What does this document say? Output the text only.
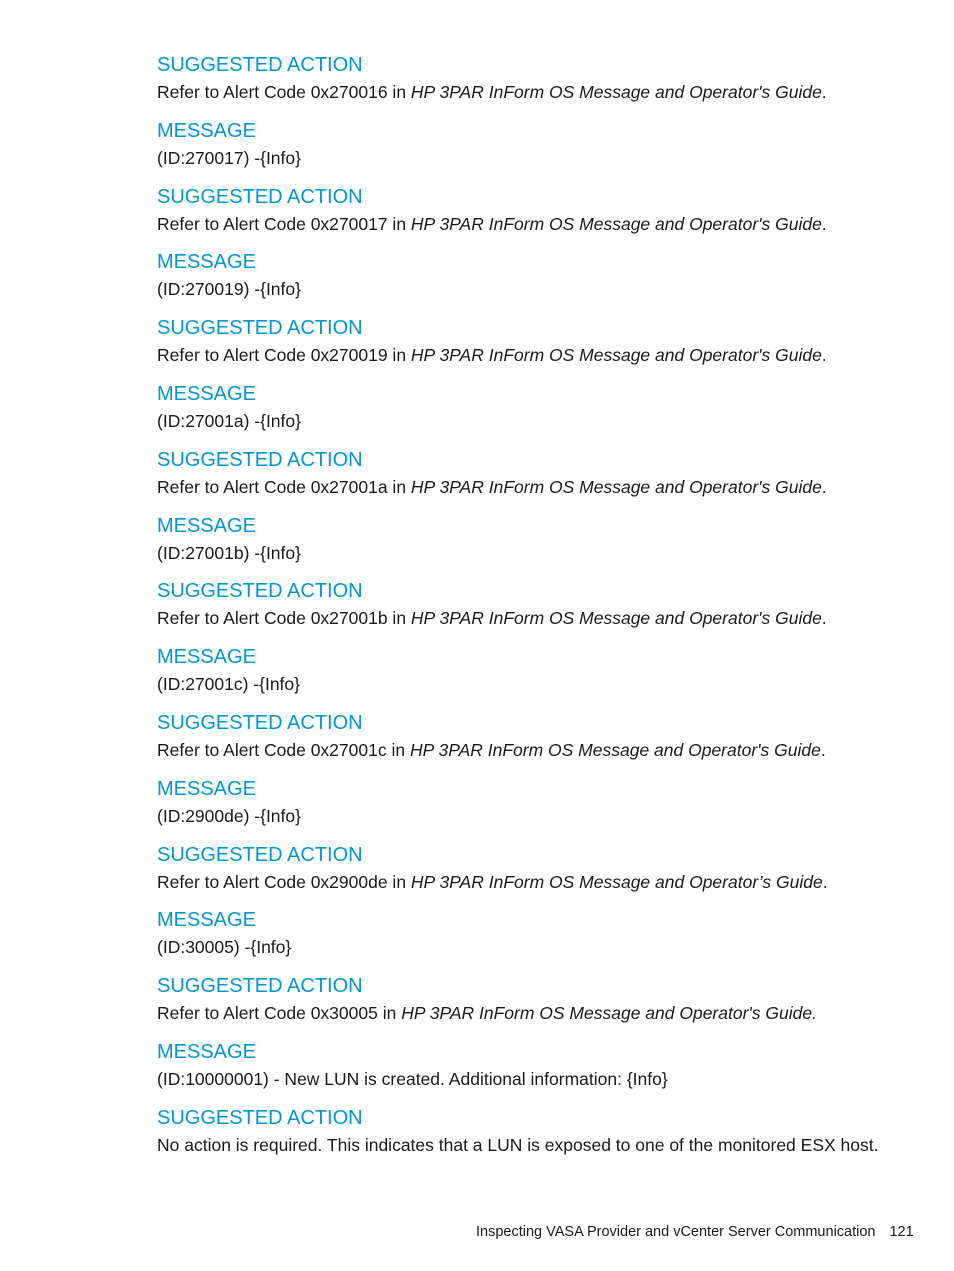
SUGGESTED ACTION
Refer to Alert Code 0x270016 in HP 3PAR InForm OS Message and Operator's Guide.
MESSAGE
(ID:270017) -{Info}
SUGGESTED ACTION
Refer to Alert Code 0x270017 in HP 3PAR InForm OS Message and Operator's Guide.
MESSAGE
(ID:270019) -{Info}
SUGGESTED ACTION
Refer to Alert Code 0x270019 in HP 3PAR InForm OS Message and Operator's Guide.
MESSAGE
(ID:27001a) -{Info}
SUGGESTED ACTION
Refer to Alert Code 0x27001a in HP 3PAR InForm OS Message and Operator's Guide.
MESSAGE
(ID:27001b) -{Info}
SUGGESTED ACTION
Refer to Alert Code 0x27001b in HP 3PAR InForm OS Message and Operator's Guide.
MESSAGE
(ID:27001c) -{Info}
SUGGESTED ACTION
Refer to Alert Code 0x27001c in HP 3PAR InForm OS Message and Operator's Guide.
MESSAGE
(ID:2900de) -{Info}
SUGGESTED ACTION
Refer to Alert Code 0x2900de in HP 3PAR InForm OS Message and Operator’s Guide.
MESSAGE
(ID:30005) -{Info}
SUGGESTED ACTION
Refer to Alert Code 0x30005 in HP 3PAR InForm OS Message and Operator's Guide.
MESSAGE
(ID:10000001) - New LUN is created. Additional information: {Info}
SUGGESTED ACTION
No action is required. This indicates that a LUN is exposed to one of the monitored ESX host.
Inspecting VASA Provider and vCenter Server Communication 121
